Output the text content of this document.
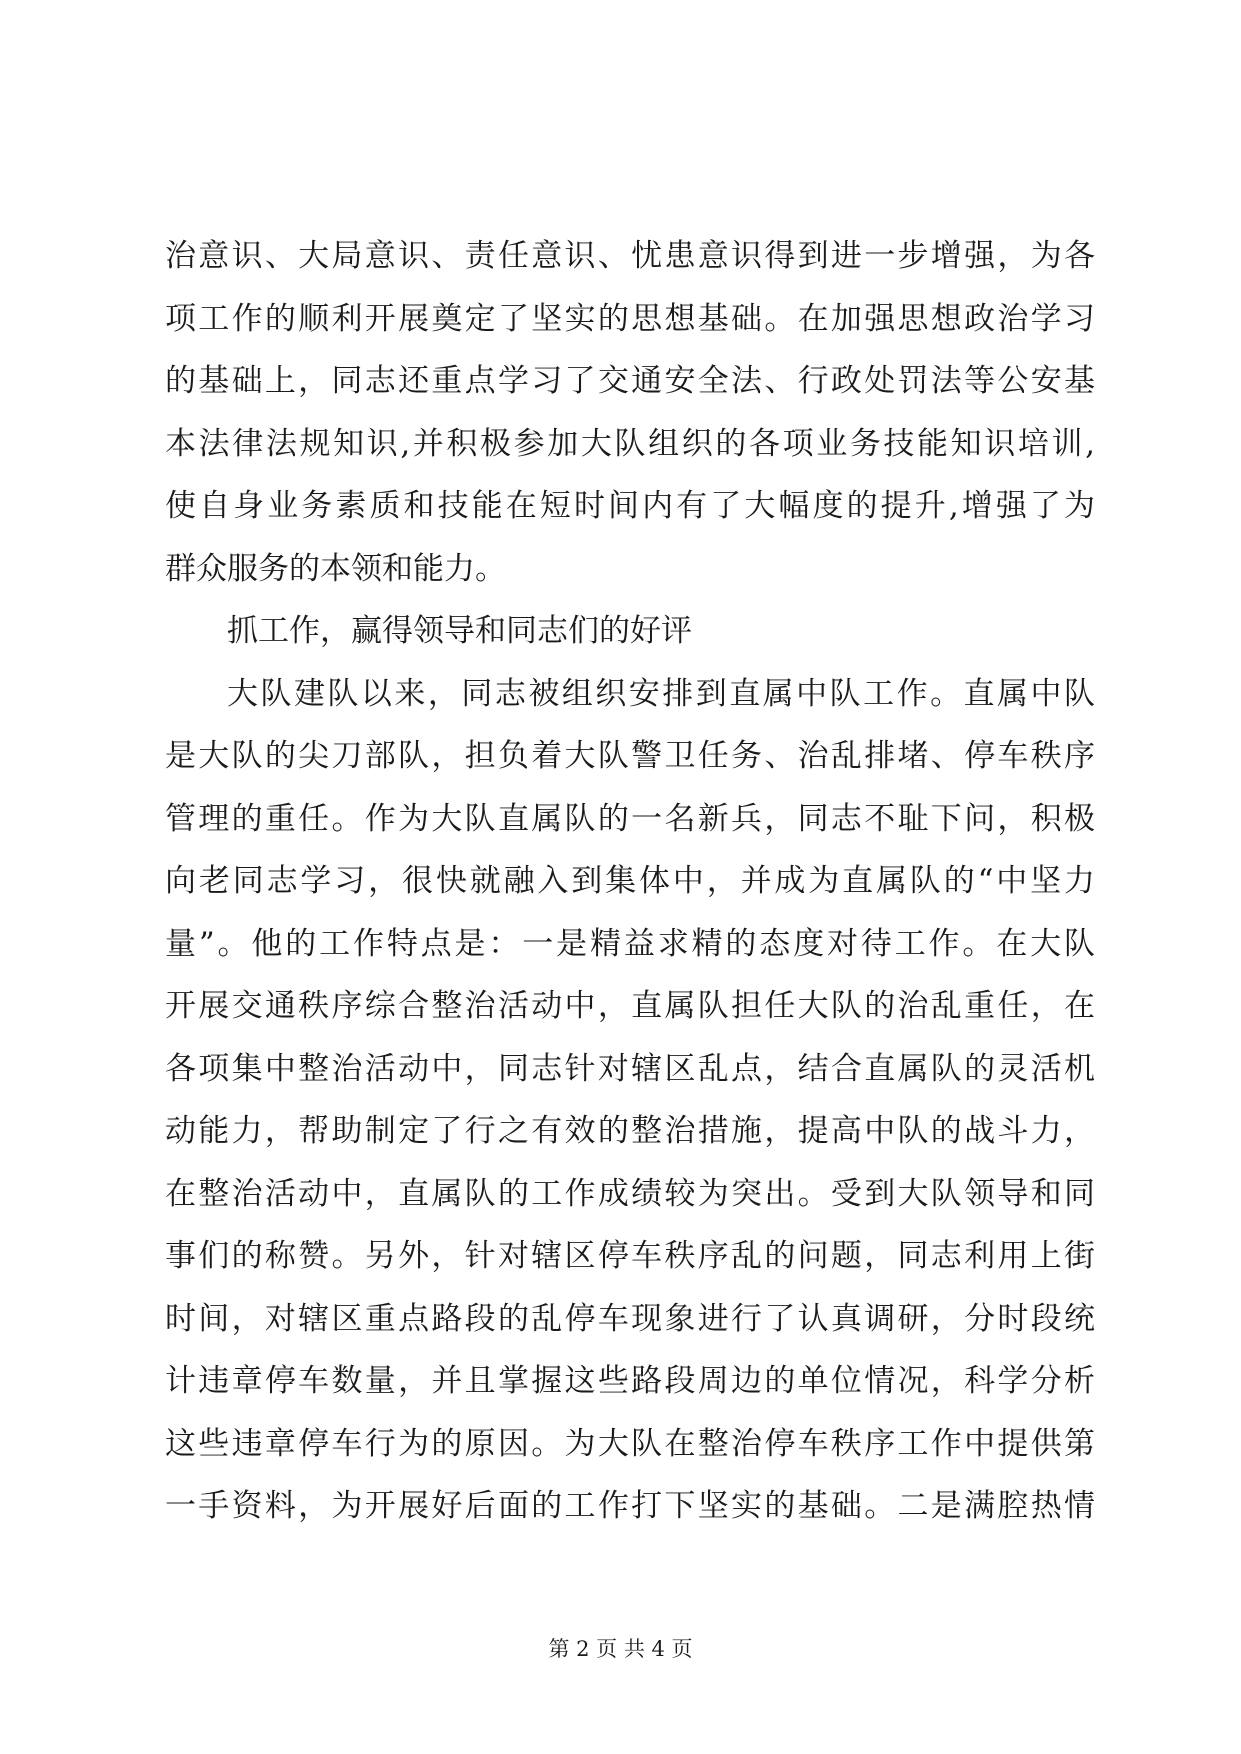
治意识、大局意识、责任意识、忧患意识得到进一步增强，为各
项工作的顺利开展奠定了坚实的思想基础。在加强思想政治学习
的基础上，同志还重点学习了交通安全法、行政处罚法等公安基
本法律法规知识,并积极参加大队组织的各项业务技能知识培训,
使自身业务素质和技能在短时间内有了大幅度的提升,增强了为
群众服务的本领和能力。
抓工作，赢得领导和同志们的好评
大队建队以来，同志被组织安排到直属中队工作。直属中队
是大队的尖刀部队，担负着大队警卫任务、治乱排堵、停车秩序
管理的重任。作为大队直属队的一名新兵，同志不耻下问，积极
向老同志学习，很快就融入到集体中，并成为直属队的“中坚力
量”。他的工作特点是：一是精益求精的态度对待工作。在大队
开展交通秩序综合整治活动中，直属队担任大队的治乱重任，在
各项集中整治活动中，同志针对辖区乱点，结合直属队的灵活机
动能力，帮助制定了行之有效的整治措施，提高中队的战斗力，
在整治活动中，直属队的工作成绩较为突出。受到大队领导和同
事们的称赞。另外，针对辖区停车秩序乱的问题，同志利用上街
时间，对辖区重点路段的乱停车现象进行了认真调研，分时段统
计违章停车数量，并且掌握这些路段周边的单位情况，科学分析
这些违章停车行为的原因。为大队在整治停车秩序工作中提供第
一手资料，为开展好后面的工作打下坚实的基础。二是满腔热情
第 2 页 共 4 页
